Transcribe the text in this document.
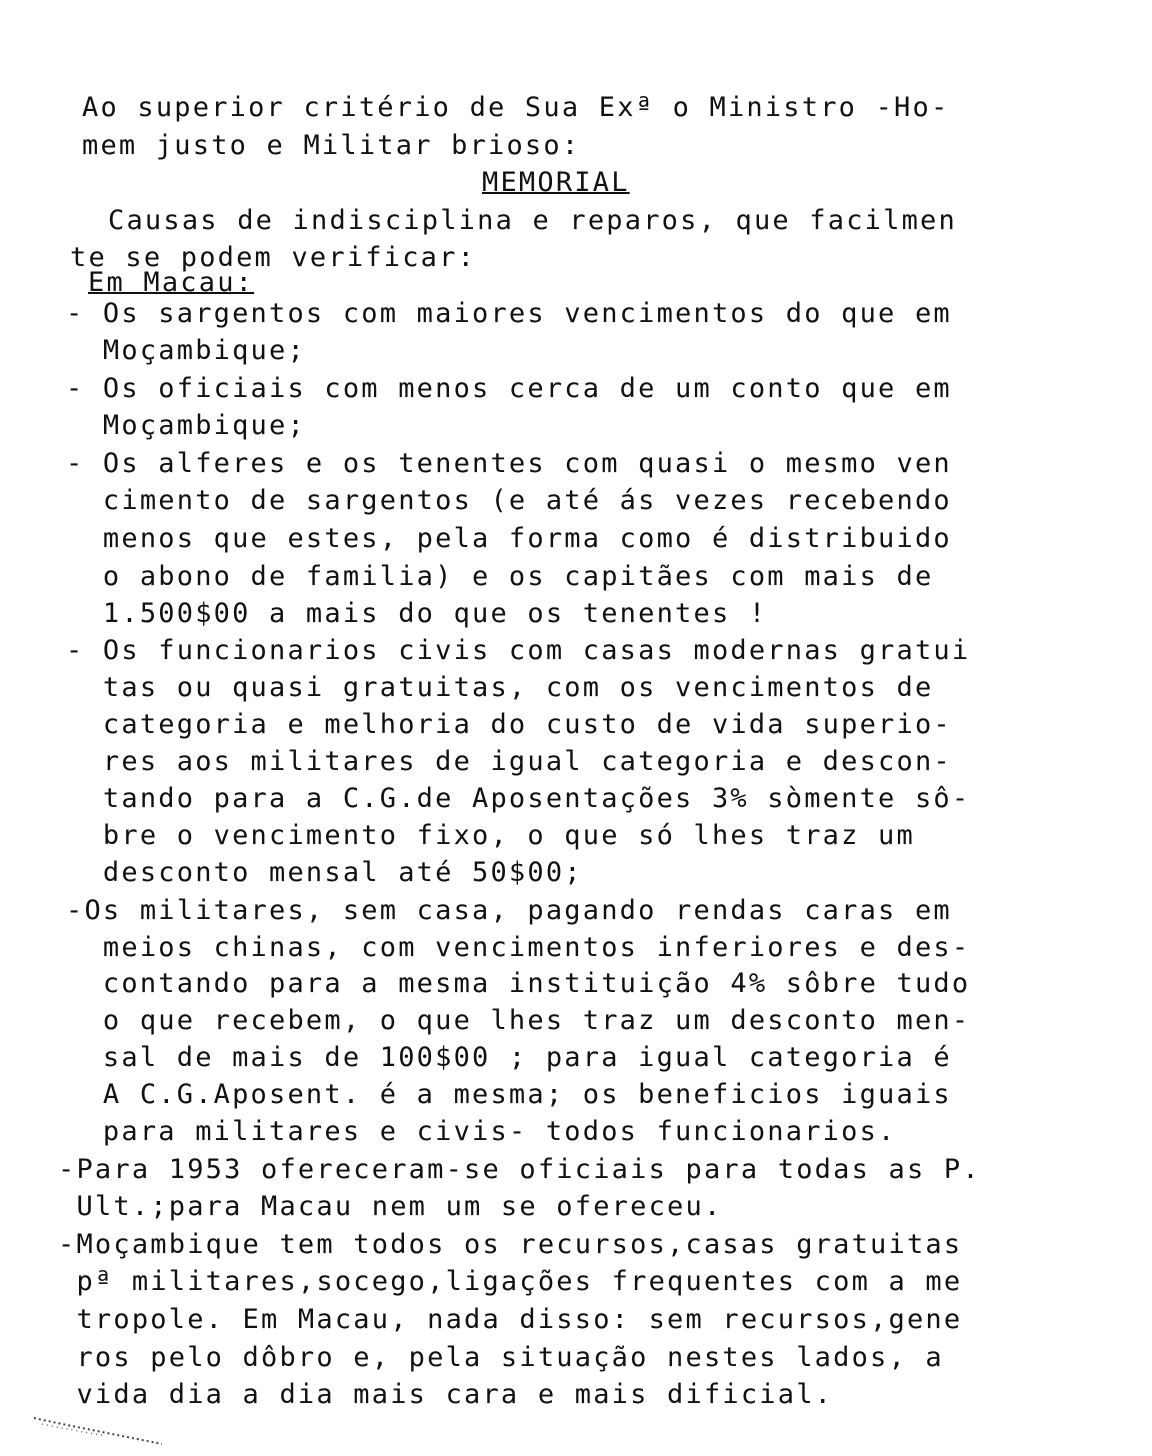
Ao superior critério de Sua Exª o Ministro -Ho-
mem justo e Militar brioso:
MEMORIAL
Causas de indisciplina e reparos, que facilmen
te se podem verificar:
Em Macau:
- Os sargentos com maiores vencimentos do que em
Moçambique;
- Os oficiais com menos cerca de um conto que em
Moçambique;
- Os alferes e os tenentes com quasi o mesmo ven
cimento de sargentos (e até ás vezes recebendo
menos que estes, pela forma como é distribuido
o abono de familia) e os capitães com mais de
1.500$00 a mais do que os tenentes !
- Os funcionarios civis com casas modernas gratui
tas ou quasi gratuitas, com os vencimentos de
categoria e melhoria do custo de vida superio-
res aos militares de igual categoria e descon-
tando para a C.G.de Aposentações 3% sòmente sô-
bre o vencimento fixo, o que só lhes traz um
desconto mensal até 50$00;
-Os militares, sem casa, pagando rendas caras em
meios chinas, com vencimentos inferiores e des-
contando para a mesma instituição 4% sôbre tudo
o que recebem, o que lhes traz um desconto men-
sal de mais de 100$00 ; para igual categoria é
A C.G.Aposent. é a mesma; os beneficios iguais
para militares e civis- todos funcionarios.
-Para 1953 ofereceram-se oficiais para todas as P.
Ult.;para Macau nem um se ofereceu.
-Moçambique tem todos os recursos,casas gratuitas
pª militares,socego,ligações frequentes com a me
tropole. Em Macau, nada disso: sem recursos,gene
ros pelo dôbro e, pela situação nestes lados, a
vida dia a dia mais cara e mais dificial.
